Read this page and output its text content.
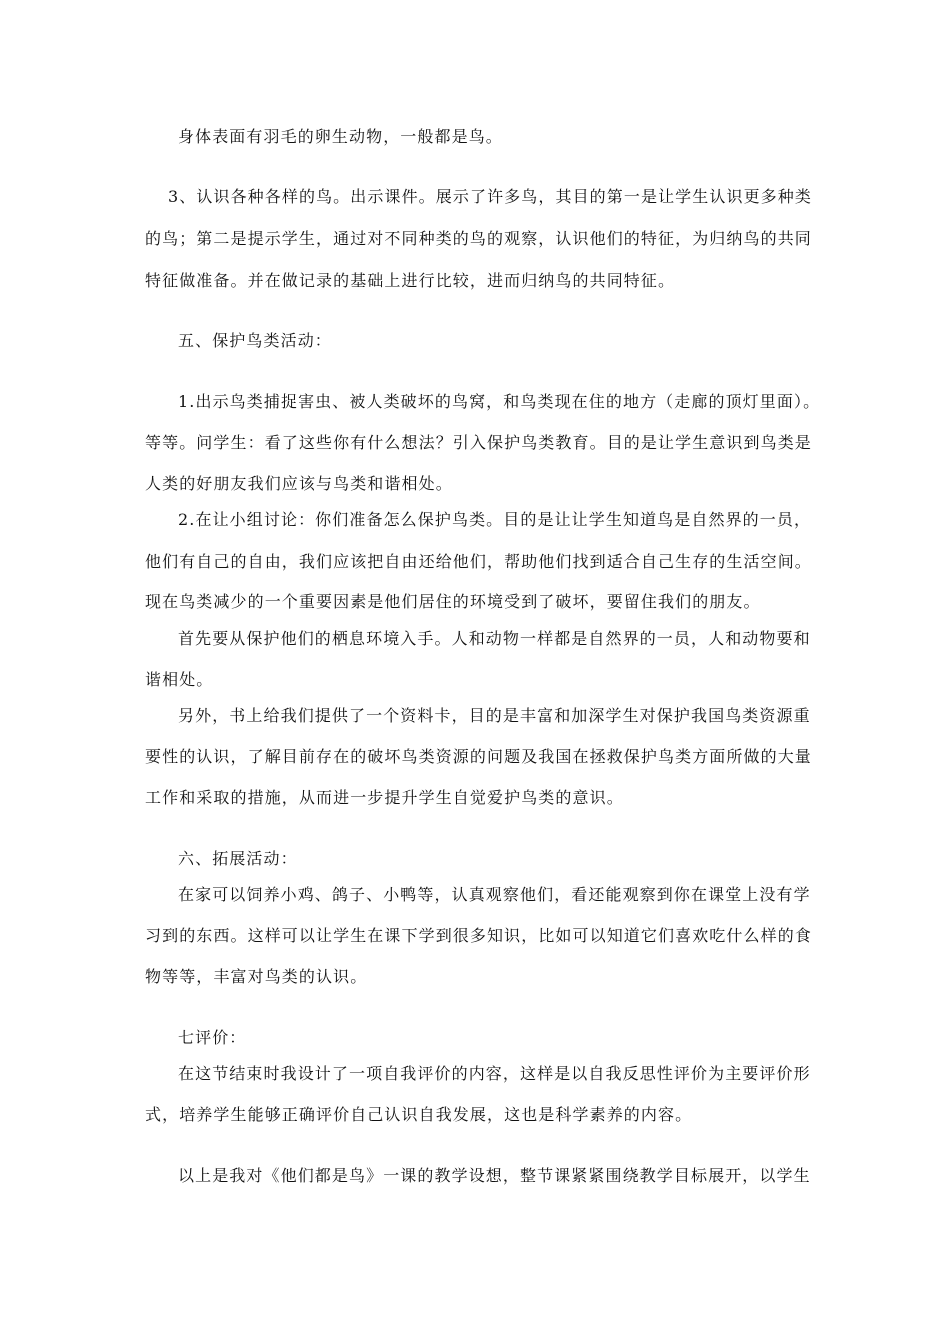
身体表面有羽毛的卵生动物，一般都是鸟。
3、认识各种各样的鸟。出示课件。展示了许多鸟，其目的第一是让学生认识更多种类
的鸟；第二是提示学生，通过对不同种类的鸟的观察，认识他们的特征，为归纳鸟的共同
特征做准备。并在做记录的基础上进行比较，进而归纳鸟的共同特征。
五、保护鸟类活动：
1.出示鸟类捕捉害虫、被人类破坏的鸟窝，和鸟类现在住的地方（走廊的顶灯里面）。
等等。问学生：看了这些你有什么想法？引入保护鸟类教育。目的是让学生意识到鸟类是
人类的好朋友我们应该与鸟类和谐相处。
2.在让小组讨论：你们准备怎么保护鸟类。目的是让让学生知道鸟是自然界的一员，
他们有自己的自由，我们应该把自由还给他们，帮助他们找到适合自己生存的生活空间。
现在鸟类减少的一个重要因素是他们居住的环境受到了破坏，要留住我们的朋友。
首先要从保护他们的栖息环境入手。人和动物一样都是自然界的一员，人和动物要和
谐相处。
另外，书上给我们提供了一个资料卡，目的是丰富和加深学生对保护我国鸟类资源重
要性的认识，了解目前存在的破坏鸟类资源的问题及我国在拯救保护鸟类方面所做的大量
工作和采取的措施，从而进一步提升学生自觉爱护鸟类的意识。
六、拓展活动：
在家可以饲养小鸡、鸽子、小鸭等，认真观察他们，看还能观察到你在课堂上没有学
习到的东西。这样可以让学生在课下学到很多知识，比如可以知道它们喜欢吃什么样的食
物等等，丰富对鸟类的认识。
七评价：
在这节结束时我设计了一项自我评价的内容，这样是以自我反思性评价为主要评价形
式，培养学生能够正确评价自己认识自我发展，这也是科学素养的内容。
以上是我对《他们都是鸟》一课的教学设想，整节课紧紧围绕教学目标展开，以学生
